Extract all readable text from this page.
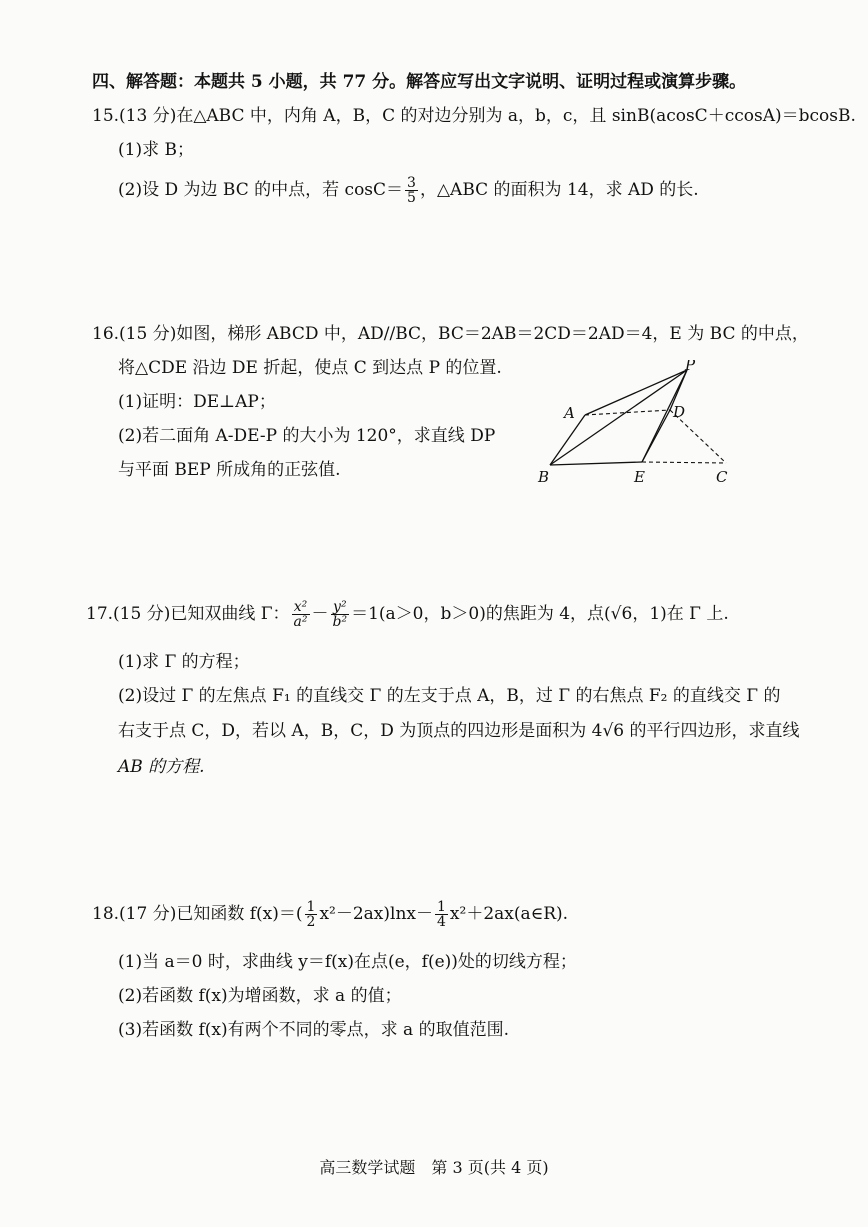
四、解答题：本题共 5 小题，共 77 分。解答应写出文字说明、证明过程或演算步骤。
15.(13 分)在△ABC 中，内角 A，B，C 的对边分别为 a，b，c，且 sinB(acosC＋ccosA)＝bcosB.
(1)求 B；
(2)设 D 为边 BC 的中点，若 $\cos C= \frac{3}{5}$ ，△ABC 的面积为 14，求 AD 的长.
16.(15 分)如图，梯形 ABCD 中，AD//BC，BC＝2AB＝2CD＝2AD＝4，E 为 BC 的中点，
将△CDE 沿边 DE 折起，使点 C 到达点 P 的位置.
(1)证明：DE⊥AP；
(2)若二面角 A-DE-P 的大小为 120°，求直线 DP
与平面 BEP 所成角的正弦值.
P
A	D
B	E	C
17.(15 分)已知双曲线 Γ： $\frac{\text{x²}}{\text{a²}} - \frac{\text{y²}}{\text{b²}} =1(a>0$，b＞0)的焦距为 4，点(√6，1)在 Γ 上.
(1)求 Γ 的方程；
(2)设过 Γ 的左焦点 F₁ 的直线交 Γ 的左支于点 A，B，过 Γ 的右焦点 F₂ 的直线交 Γ 的
右支于点 C，D，若以 A，B，C，D 为顶点的四边形是面积为 4√6 的平行四边形，求直线
AB 的方程.
18.(17 分)已知函数 $f(x)=( \frac{1}{2} x^2-2ax)\ln x- \frac{1}{4}$ x²＋2ax(a∈R).
(1)当 a＝0 时，求曲线 y＝f(x)在点(e，f(e))处的切线方程；
(2)若函数 f(x)为增函数，求 a 的值；
(3)若函数 f(x)有两个不同的零点，求 a 的取值范围.
高三数学试题　第 3 页(共 4 页)
